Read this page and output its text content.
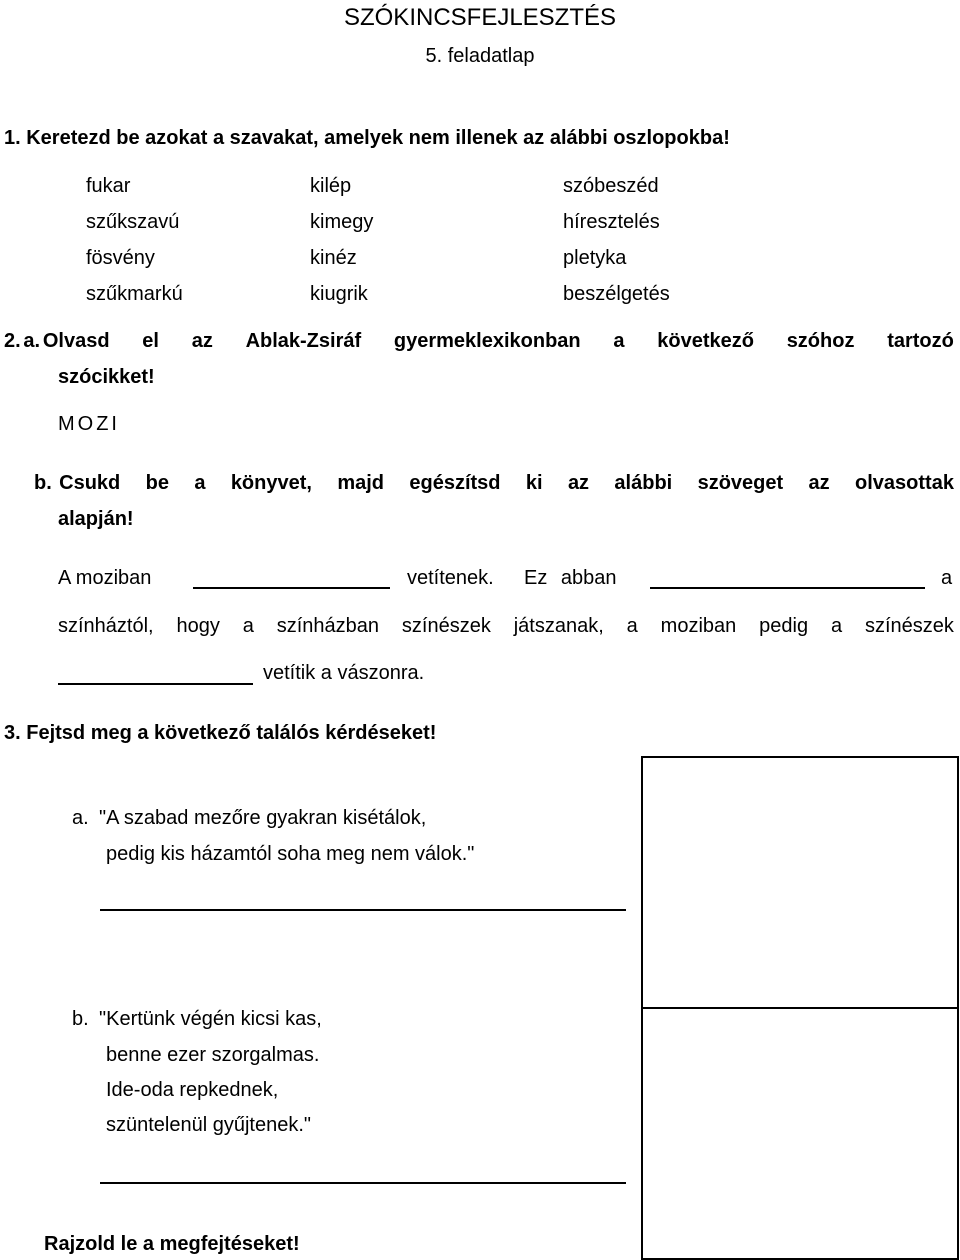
SZÓKINCSFEJLESZTÉS
5. feladatlap
1. Keretezd be azokat a szavakat, amelyek nem illenek az alábbi oszlopokba!
fukar
szűkszavú
fösvény
szűkmarkú
kilép
kimegy
kinéz
kiugrik
szóbeszéd
híresztelés
pletyka
beszélgetés
2. a. Olvasd el az Ablak-Zsiráf gyermeklexikonban a következő szóhoz tartozó
szócikket!
MOZI
b. Csukd be a könyvet, majd egészítsd ki az alábbi szöveget az olvasottak
alapján!
A moziban	vetítenek. Ez abban	a
színháztól, hogy a színházban színészek játszanak, a moziban pedig a színészek
vetítik a vászonra.
3. Fejtsd meg a következő találós kérdéseket!
a. "A szabad mezőre gyakran kisétálok,
pedig kis házamtól soha meg nem válok."
b. "Kertünk végén kicsi kas,
benne ezer szorgalmas.
Ide-oda repkednek,
szüntelenül gyűjtenek."
Rajzold le a megfejtéseket!
